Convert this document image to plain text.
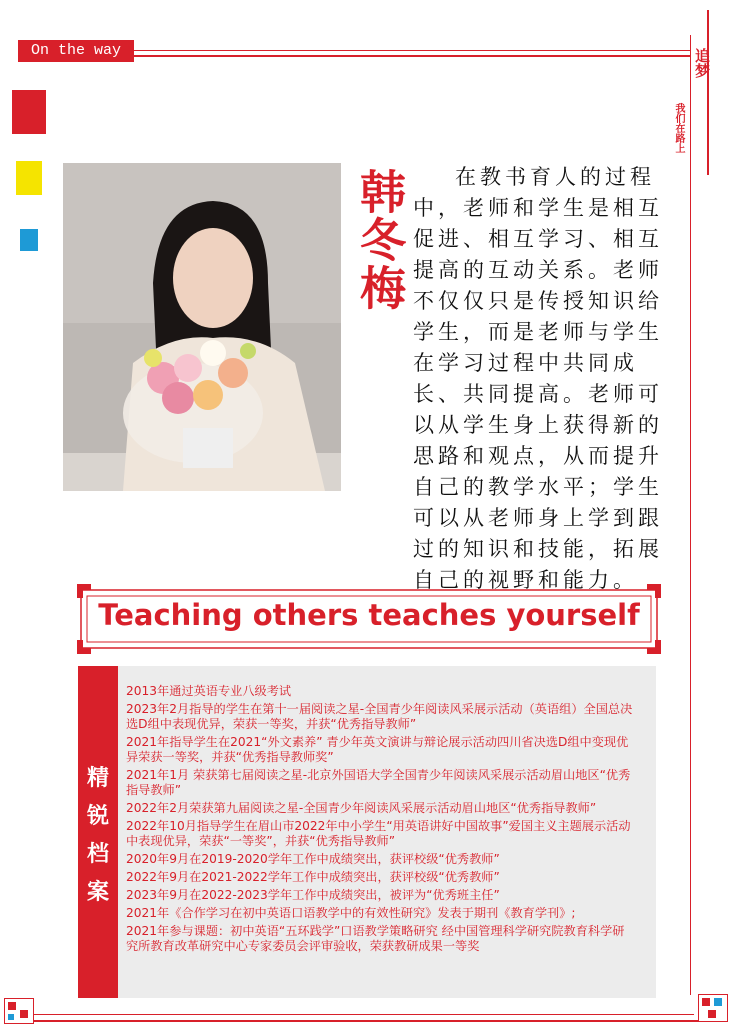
On the way	追梦
我们在路上
韩冬梅	在教书育人的过程中，老师和学生是相互促进、相互学习、相互提高的互动关系。老师不仅仅只是传授知识给学生，而是老师与学生在学习过程中共同成长、共同提高。老师可以从学生身上获得新的思路和观点，从而提升自己的教学水平；学生可以从老师身上学到跟过的知识和技能，拓展自己的视野和能力。
Teaching others teaches yourself
精锐档案
2013年通过英语专业八级考试
2023年2月指导的学生在第十一届阅读之星-全国青少年阅读风采展示活动（英语组）全国总决选D组中表现优异，荣获一等奖，并获“优秀指导教师”
2021年指导学生在2021“外文素养” 青少年英文演讲与辩论展示活动四川省决选D组中变现优异荣获一等奖，并获“优秀指导教师奖”
2021年1月 荣获第七届阅读之星-北京外国语大学全国青少年阅读风采展示活动眉山地区“优秀指导教师”
2022年2月荣获第九届阅读之星-全国青少年阅读风采展示活动眉山地区“优秀指导教师”
2022年10月指导学生在眉山市2022年中小学生“用英语讲好中国故事”爱国主义主题展示活动中表现优异，荣获“一等奖”，并获“优秀指导教师”
2020年9月在2019-2020学年工作中成绩突出，获评校级“优秀教师”
2022年9月在2021-2022学年工作中成绩突出，获评校级“优秀教师”
2023年9月在2022-2023学年工作中成绩突出，被评为“优秀班主任”
2021年《合作学习在初中英语口语教学中的有效性研究》发表于期刊《教育学刊》;
2021年参与课题：初中英语“五环践学”口语教学策略研究 经中国管理科学研究院教育科学研究所教育改革研究中心专家委员会评审验收，荣获教研成果一等奖
